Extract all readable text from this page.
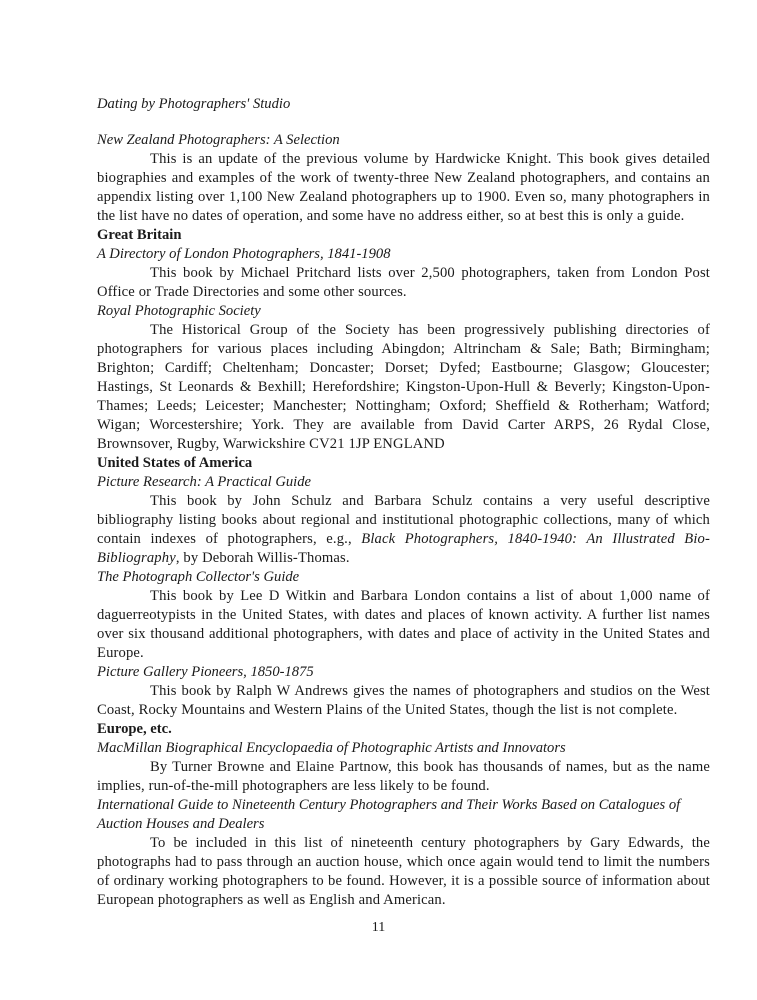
Dating by Photographers' Studio
New Zealand Photographers: A Selection

This is an update of the previous volume by Hardwicke Knight. This book gives detailed biographies and examples of the work of twenty-three New Zealand photographers, and contains an appendix listing over 1,100 New Zealand photographers up to 1900. Even so, many photographers in the list have no dates of operation, and some have no address either, so at best this is only a guide.

Great Britain
A Directory of London Photographers, 1841-1908

This book by Michael Pritchard lists over 2,500 photographers, taken from London Post Office or Trade Directories and some other sources.

Royal Photographic Society

The Historical Group of the Society has been progressively publishing directories of photographers for various places including Abingdon; Altrincham & Sale; Bath; Birmingham; Brighton; Cardiff; Cheltenham; Doncaster; Dorset; Dyfed; Eastbourne; Glasgow; Gloucester; Hastings, St Leonards & Bexhill; Herefordshire; Kingston-Upon-Hull & Beverly; Kingston-Upon-Thames; Leeds; Leicester; Manchester; Nottingham; Oxford; Sheffield & Rotherham; Watford; Wigan; Worcestershire; York. They are available from David Carter ARPS, 26 Rydal Close, Brownsover, Rugby, Warwickshire CV21 1JP ENGLAND

United States of America
Picture Research: A Practical Guide

This book by John Schulz and Barbara Schulz contains a very useful descriptive bibliography listing books about regional and institutional photographic collections, many of which contain indexes of photographers, e.g., Black Photographers, 1840-1940: An Illustrated Bio-Bibliography, by Deborah Willis-Thomas.

The Photograph Collector's Guide

This book by Lee D Witkin and Barbara London contains a list of about 1,000 name of daguerreotypists in the United States, with dates and places of known activity. A further list names over six thousand additional photographers, with dates and place of activity in the United States and Europe.

Picture Gallery Pioneers, 1850-1875

This book by Ralph W Andrews gives the names of photographers and studios on the West Coast, Rocky Mountains and Western Plains of the United States, though the list is not complete.

Europe, etc.
MacMillan Biographical Encyclopaedia of Photographic Artists and Innovators

By Turner Browne and Elaine Partnow, this book has thousands of names, but as the name implies, run-of-the-mill photographers are less likely to be found.

International Guide to Nineteenth Century Photographers and Their Works Based on Catalogues of Auction Houses and Dealers

To be included in this list of nineteenth century photographers by Gary Edwards, the photographs had to pass through an auction house, which once again would tend to limit the numbers of ordinary working photographers to be found. However, it is a possible source of information about European photographers as well as English and American.

11
